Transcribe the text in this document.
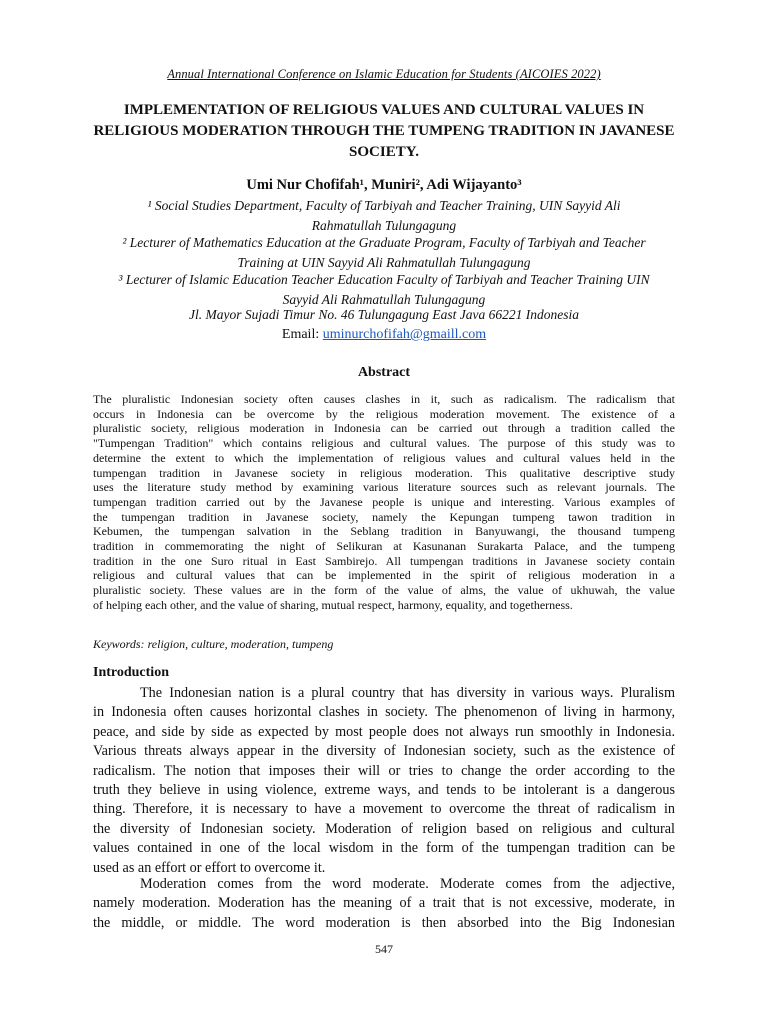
Annual International Conference on Islamic Education for Students (AICOIES 2022)
IMPLEMENTATION OF RELIGIOUS VALUES AND CULTURAL VALUES IN
RELIGIOUS MODERATION THROUGH THE TUMPENG TRADITION IN JAVANESE
SOCIETY.
Umi Nur Chofifah¹, Muniri², Adi Wijayanto³
¹ Social Studies Department, Faculty of Tarbiyah and Teacher Training, UIN Sayyid Ali
Rahmatullah Tulungagung
² Lecturer of Mathematics Education at the Graduate Program, Faculty of Tarbiyah and Teacher
Training at UIN Sayyid Ali Rahmatullah Tulungagung
³ Lecturer of Islamic Education Teacher Education Faculty of Tarbiyah and Teacher Training UIN
Sayyid Ali Rahmatullah Tulungagung
Jl. Mayor Sujadi Timur No. 46 Tulungagung East Java 66221 Indonesia
Email: uminurchofifah@gmaill.com
Abstract
The pluralistic Indonesian society often causes clashes in it, such as radicalism. The radicalism that
occurs in Indonesia can be overcome by the religious moderation movement. The existence of a
pluralistic society, religious moderation in Indonesia can be carried out through a tradition called the
"Tumpengan Tradition" which contains religious and cultural values. The purpose of this study was to
determine the extent to which the implementation of religious values and cultural values held in the
tumpengan tradition in Javanese society in religious moderation. This qualitative descriptive study
uses the literature study method by examining various literature sources such as relevant journals. The
tumpengan tradition carried out by the Javanese people is unique and interesting. Various examples of
the tumpengan tradition in Javanese society, namely the Kepungan tumpeng tawon tradition in
Kebumen, the tumpengan salvation in the Seblang tradition in Banyuwangi, the thousand tumpeng
tradition in commemorating the night of Selikuran at Kasunanan Surakarta Palace, and the tumpeng
tradition in the one Suro ritual in East Sambirejo. All tumpengan traditions in Javanese society contain
religious and cultural values that can be implemented in the spirit of religious moderation in a
pluralistic society. These values are in the form of the value of alms, the value of ukhuwah, the value
of helping each other, and the value of sharing, mutual respect, harmony, equality, and togetherness.
Keywords: religion, culture, moderation, tumpeng
Introduction
The Indonesian nation is a plural country that has diversity in various ways. Pluralism
in Indonesia often causes horizontal clashes in society. The phenomenon of living in harmony,
peace, and side by side as expected by most people does not always run smoothly in Indonesia.
Various threats always appear in the diversity of Indonesian society, such as the existence of
radicalism. The notion that imposes their will or tries to change the order according to the
truth they believe in using violence, extreme ways, and tends to be intolerant is a dangerous
thing. Therefore, it is necessary to have a movement to overcome the threat of radicalism in
the diversity of Indonesian society. Moderation of religion based on religious and cultural
values contained in one of the local wisdom in the form of the tumpengan tradition can be
used as an effort or effort to overcome it.
Moderation comes from the word moderate. Moderate comes from the adjective,
namely moderation. Moderation has the meaning of a trait that is not excessive, moderate, in
the middle, or middle. The word moderation is then absorbed into the Big Indonesian
547
